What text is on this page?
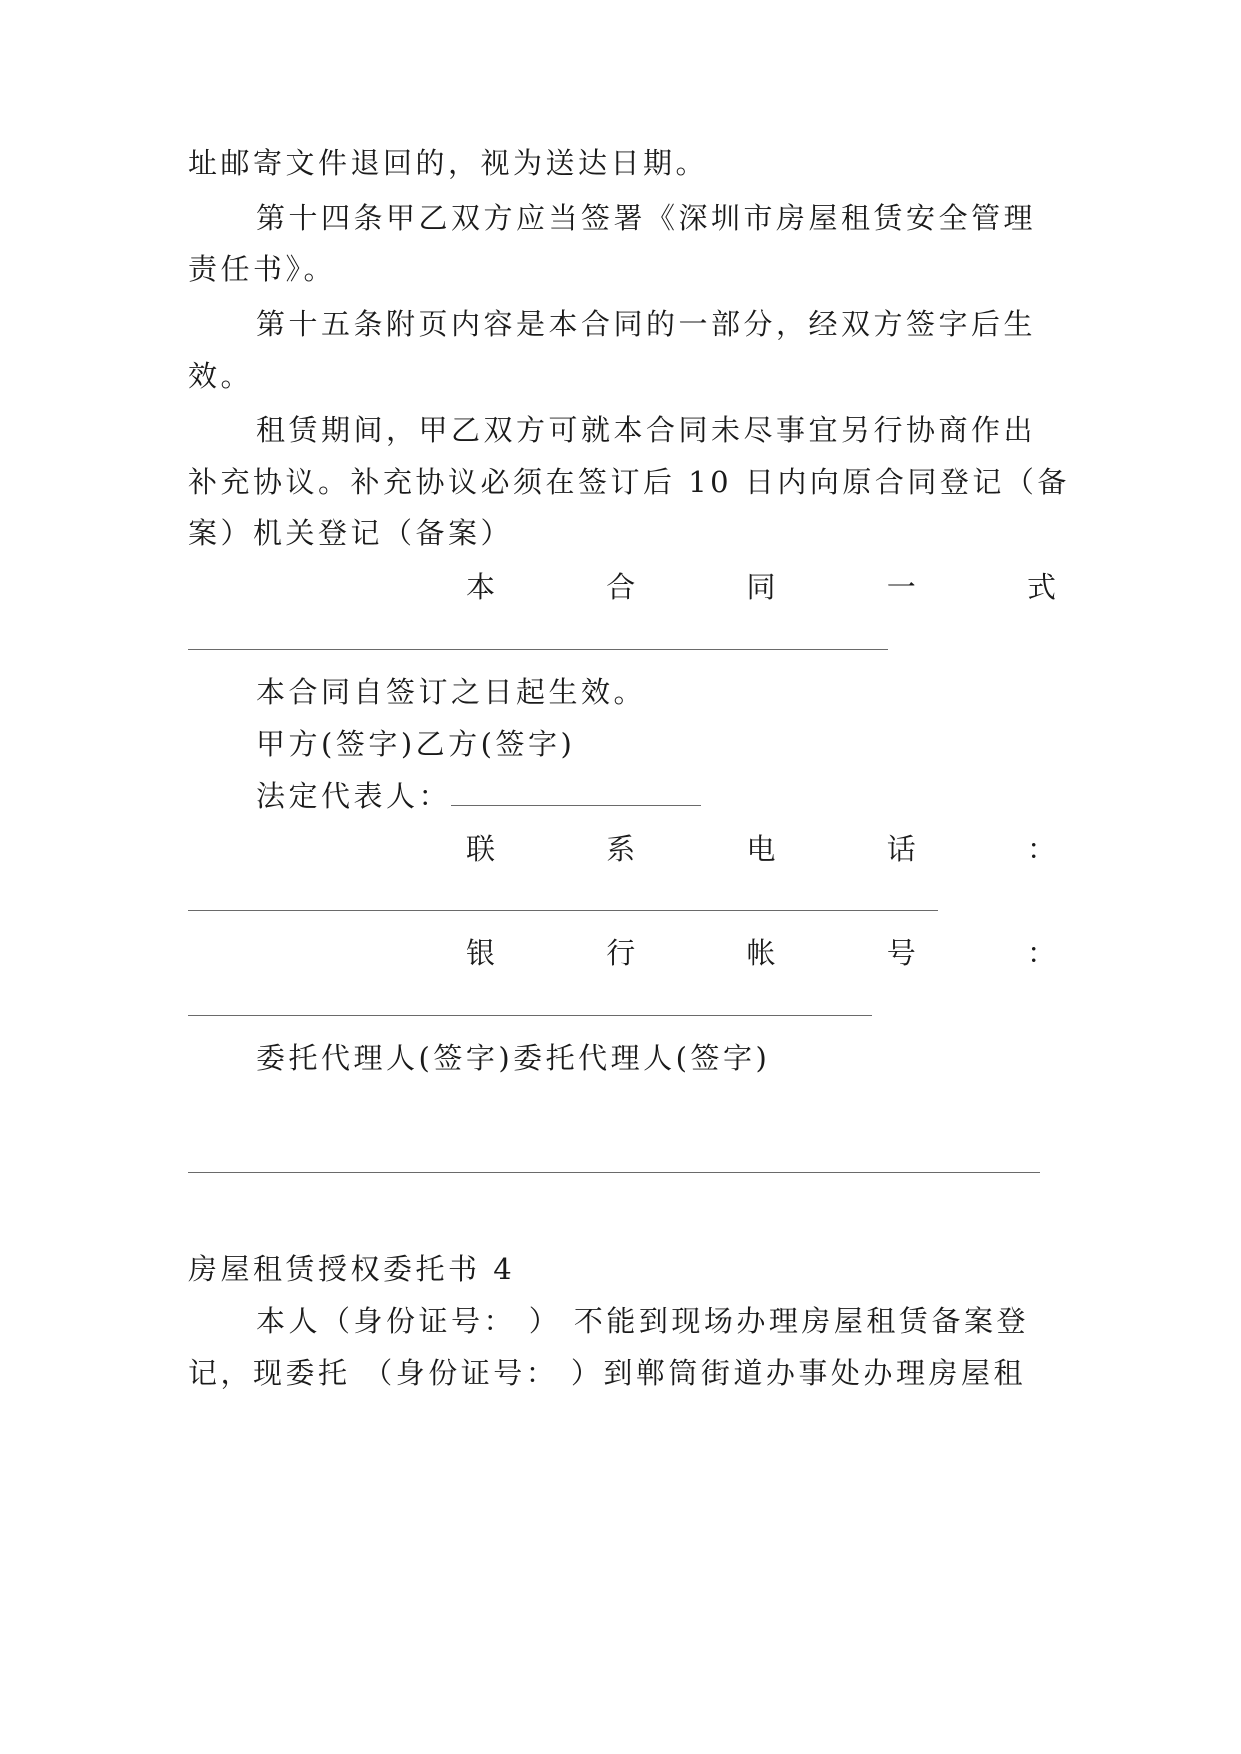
址邮寄文件退回的，视为送达日期。
第十四条甲乙双方应当签署《深圳市房屋租赁安全管理
责任书》。
第十五条附页内容是本合同的一部分，经双方签字后生
效。
租赁期间，甲乙双方可就本合同未尽事宜另行协商作出
补充协议。补充协议必须在签订后 10 日内向原合同登记（备
案）机关登记（备案）
本	合	同	一	式
本合同自签订之日起生效。
甲方(签字)乙方(签字)
法定代表人：
联	系	电	话	：
银	行	帐	号	：
委托代理人(签字)委托代理人(签字)
房屋租赁授权委托书 4
本人（身份证号： ） 不能到现场办理房屋租赁备案登
记，现委托 （身份证号： ）到郸筒街道办事处办理房屋租
